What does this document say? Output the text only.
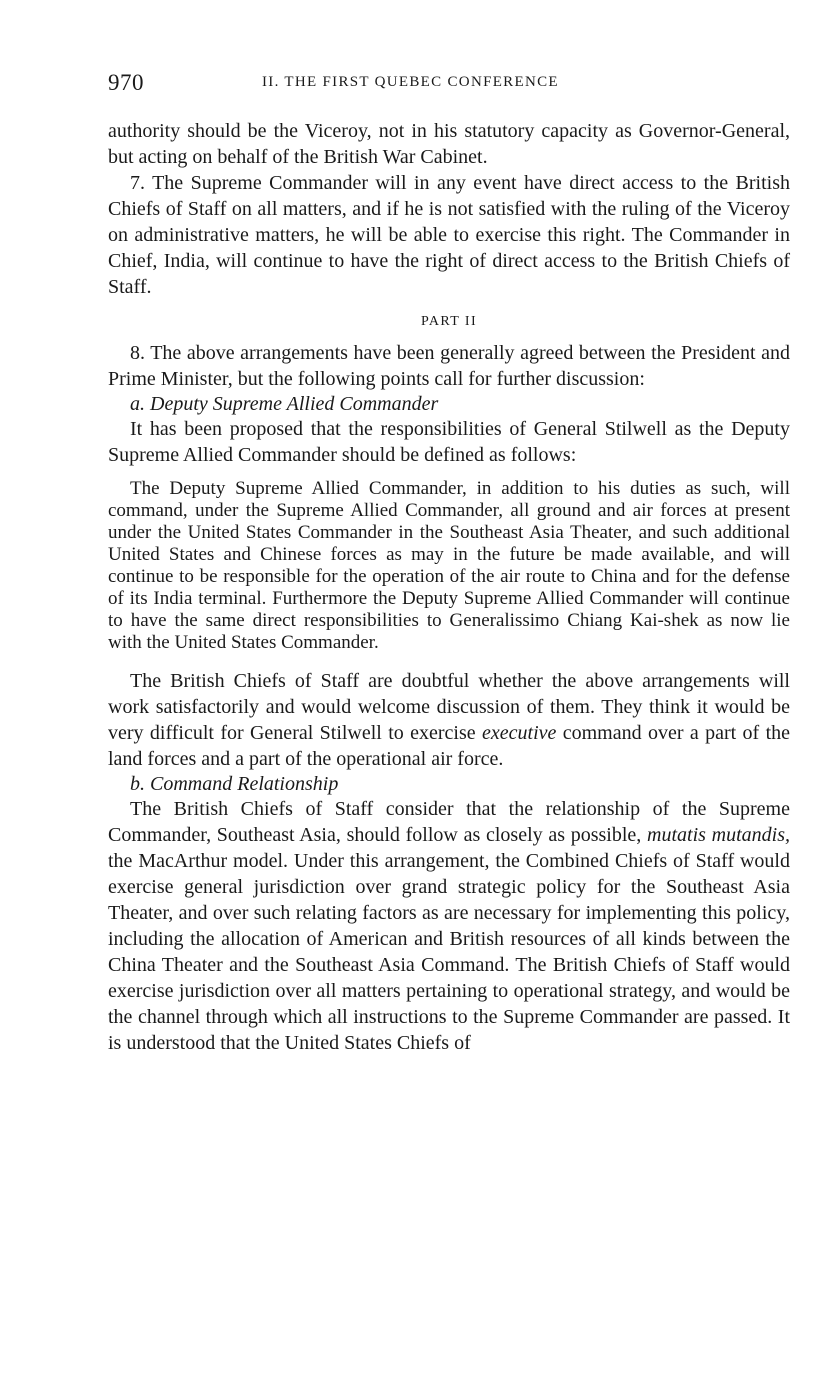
970	II. THE FIRST QUEBEC CONFERENCE

authority should be the Viceroy, not in his statutory capacity as Governor-General, but acting on behalf of the British War Cabinet.

7. The Supreme Commander will in any event have direct access to the British Chiefs of Staff on all matters, and if he is not satisfied with the ruling of the Viceroy on administrative matters, he will be able to exercise this right. The Commander in Chief, India, will continue to have the right of direct access to the British Chiefs of Staff.

PART II

8. The above arrangements have been generally agreed between the President and Prime Minister, but the following points call for further discussion:

a. Deputy Supreme Allied Commander

It has been proposed that the responsibilities of General Stilwell as the Deputy Supreme Allied Commander should be defined as follows:

The Deputy Supreme Allied Commander, in addition to his duties as such, will command, under the Supreme Allied Commander, all ground and air forces at present under the United States Commander in the Southeast Asia Theater, and such additional United States and Chinese forces as may in the future be made available, and will continue to be responsible for the operation of the air route to China and for the defense of its India terminal. Furthermore the Deputy Supreme Allied Commander will continue to have the same direct responsibilities to Generalissimo Chiang Kai-shek as now lie with the United States Commander.

The British Chiefs of Staff are doubtful whether the above arrangements will work satisfactorily and would welcome discussion of them. They think it would be very difficult for General Stilwell to exercise executive command over a part of the land forces and a part of the operational air force.

b. Command Relationship

The British Chiefs of Staff consider that the relationship of the Supreme Commander, Southeast Asia, should follow as closely as possible, mutatis mutandis, the MacArthur model. Under this arrangement, the Combined Chiefs of Staff would exercise general jurisdiction over grand strategic policy for the Southeast Asia Theater, and over such relating factors as are necessary for implementing this policy, including the allocation of American and British resources of all kinds between the China Theater and the Southeast Asia Command. The British Chiefs of Staff would exercise jurisdiction over all matters pertaining to operational strategy, and would be the channel through which all instructions to the Supreme Commander are passed. It is understood that the United States Chiefs of
